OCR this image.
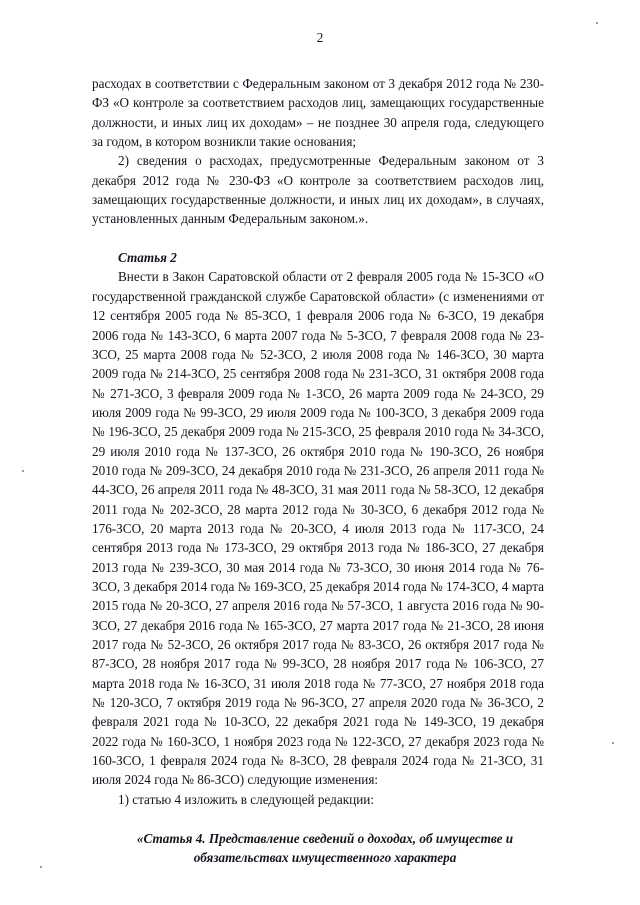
2

расходах в соответствии с Федеральным законом от 3 декабря 2012 года № 230-ФЗ «О контроле за соответствием расходов лиц, замещающих государственные должности, и иных лиц их доходам» – не позднее 30 апреля года, следующего за годом, в котором возникли такие основания;

2) сведения о расходах, предусмотренные Федеральным законом от 3 декабря 2012 года № 230-ФЗ «О контроле за соответствием расходов лиц, замещающих государственные должности, и иных лиц их доходам», в случаях, установленных данным Федеральным законом.».

Статья 2

Внести в Закон Саратовской области от 2 февраля 2005 года № 15-ЗСО «О государственной гражданской службе Саратовской области» (с изменениями от 12 сентября 2005 года № 85-ЗСО, 1 февраля 2006 года № 6-ЗСО, 19 декабря 2006 года № 143-ЗСО, 6 марта 2007 года № 5-ЗСО, 7 февраля 2008 года № 23-ЗСО, 25 марта 2008 года № 52-ЗСО, 2 июля 2008 года № 146-ЗСО, 30 марта 2009 года № 214-ЗСО, 25 сентября 2008 года № 231-ЗСО, 31 октября 2008 года № 271-ЗСО, 3 февраля 2009 года № 1-ЗСО, 26 марта 2009 года № 24-ЗСО, 29 июля 2009 года № 99-ЗСО, 29 июля 2009 года № 100-ЗСО, 3 декабря 2009 года № 196-ЗСО, 25 декабря 2009 года № 215-ЗСО, 25 февраля 2010 года № 34-ЗСО, 29 июля 2010 года № 137-ЗСО, 26 октября 2010 года № 190-ЗСО, 26 ноября 2010 года № 209-ЗСО, 24 декабря 2010 года № 231-ЗСО, 26 апреля 2011 года № 44-ЗСО, 26 апреля 2011 года № 48-ЗСО, 31 мая 2011 года № 58-ЗСО, 12 декабря 2011 года № 202-ЗСО, 28 марта 2012 года № 30-ЗСО, 6 декабря 2012 года № 176-ЗСО, 20 марта 2013 года № 20-ЗСО, 4 июля 2013 года № 117-ЗСО, 24 сентября 2013 года № 173-ЗСО, 29 октября 2013 года № 186-ЗСО, 27 декабря 2013 года № 239-ЗСО, 30 мая 2014 года № 73-ЗСО, 30 июня 2014 года № 76-ЗСО, 3 декабря 2014 года № 169-ЗСО, 25 декабря 2014 года № 174-ЗСО, 4 марта 2015 года № 20-ЗСО, 27 апреля 2016 года № 57-ЗСО, 1 августа 2016 года № 90-ЗСО, 27 декабря 2016 года № 165-ЗСО, 27 марта 2017 года № 21-ЗСО, 28 июня 2017 года № 52-ЗСО, 26 октября 2017 года № 83-ЗСО, 26 октября 2017 года № 87-ЗСО, 28 ноября 2017 года № 99-ЗСО, 28 ноября 2017 года № 106-ЗСО, 27 марта 2018 года № 16-ЗСО, 31 июля 2018 года № 77-ЗСО, 27 ноября 2018 года № 120-ЗСО, 7 октября 2019 года № 96-ЗСО, 27 апреля 2020 года № 36-ЗСО, 2 февраля 2021 года № 10-ЗСО, 22 декабря 2021 года № 149-ЗСО, 19 декабря 2022 года № 160-ЗСО, 1 ноября 2023 года № 122-ЗСО, 27 декабря 2023 года № 160-ЗСО, 1 февраля 2024 года № 8-ЗСО, 28 февраля 2024 года № 21-ЗСО, 31 июля 2024 года № 86-ЗСО) следующие изменения:

1) статью 4 изложить в следующей редакции:

«Статья 4. Представление сведений о доходах, об имуществе и

обязательствах имущественного характера
